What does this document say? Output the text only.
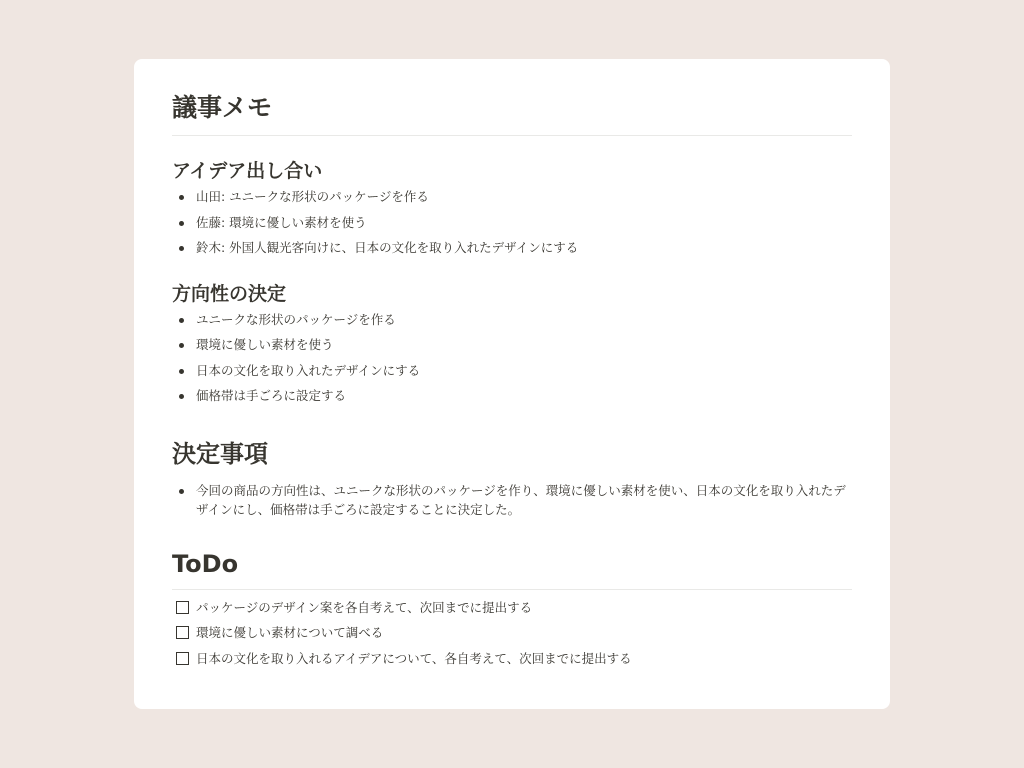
議事メモ
アイデア出し合い
山田: ユニークな形状のパッケージを作る
佐藤: 環境に優しい素材を使う
鈴木: 外国人観光客向けに、日本の文化を取り入れたデザインにする
方向性の決定
ユニークな形状のパッケージを作る
環境に優しい素材を使う
日本の文化を取り入れたデザインにする
価格帯は手ごろに設定する
決定事項
今回の商品の方向性は、ユニークな形状のパッケージを作り、環境に優しい素材を使い、日本の文化を取り入れたデザインにし、価格帯は手ごろに設定することに決定した。
ToDo
パッケージのデザイン案を各自考えて、次回までに提出する
環境に優しい素材について調べる
日本の文化を取り入れるアイデアについて、各自考えて、次回までに提出する
